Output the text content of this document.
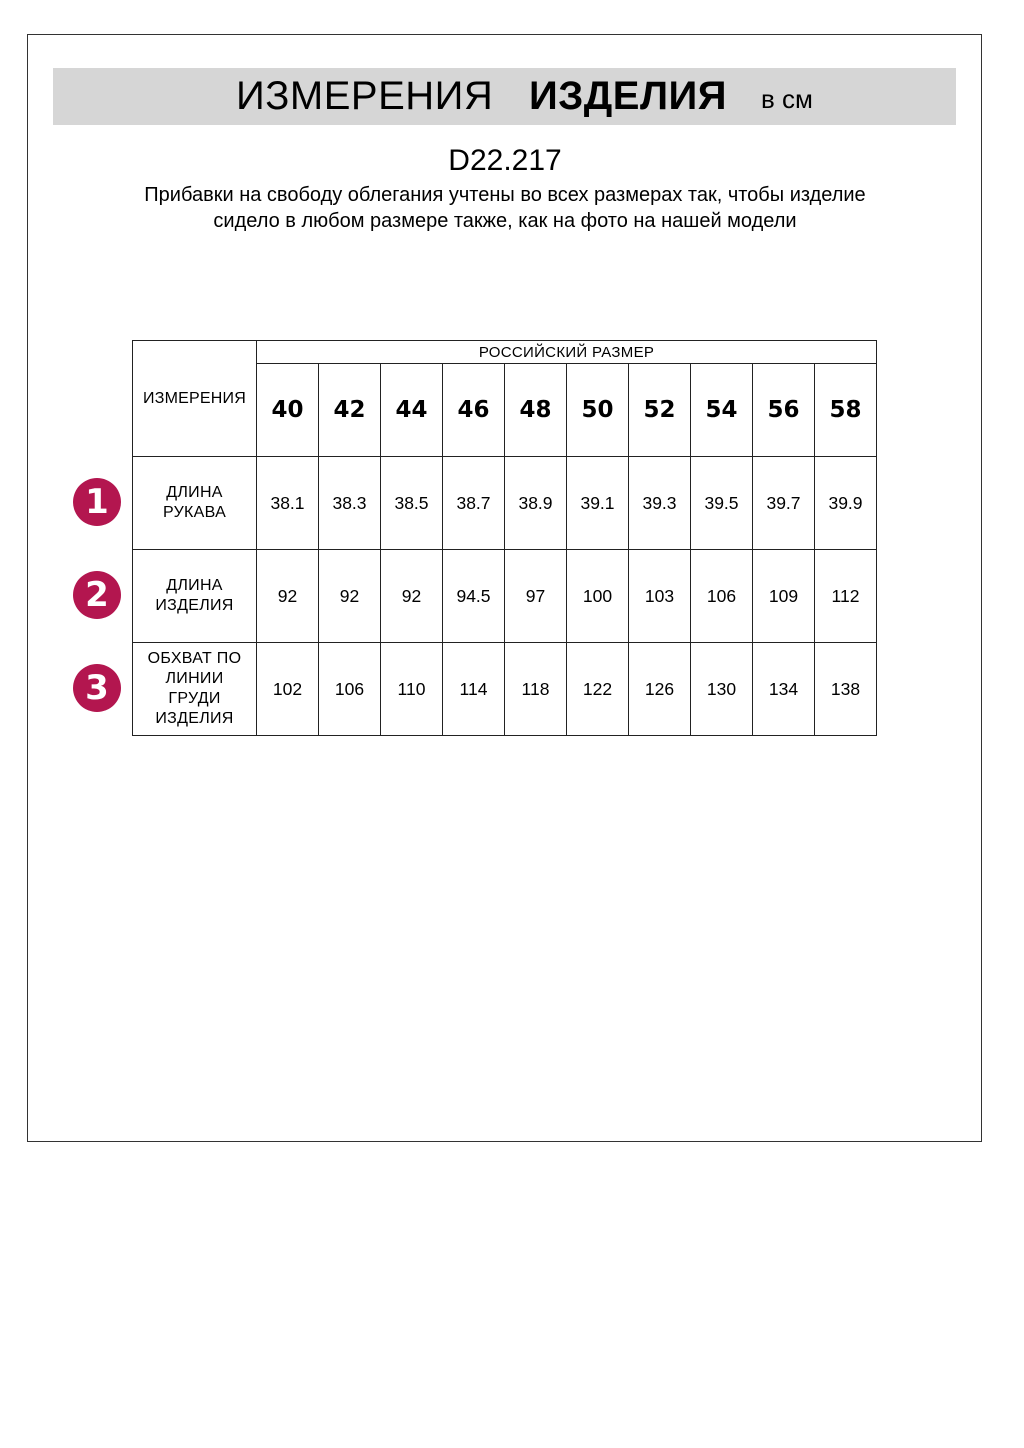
ИЗМЕРЕНИЯ ИЗДЕЛИЯ в см
D22.217
Прибавки на свободу облегания учтены во всех размерах так, чтобы изделие сидело в любом размере также, как на фото на нашей модели
ИЗМЕРЕНИЯ	РОССИЙСКИЙ РАЗМЕР									
	40	42	44	46	48	50	52	54	56	58

ДЛИНА
РУКАВА	38.1	38.3	38.5	38.7	38.9	39.1	39.3	39.5	39.7	39.9

ДЛИНА
ИЗДЕЛИЯ	92	92	92	94.5	97	100	103	106	109	112

ОБХВАТ ПО
ЛИНИИ
ГРУДИ
ИЗДЕЛИЯ	102	106	110	114	118	122	126	130	134	138
1
2
3
